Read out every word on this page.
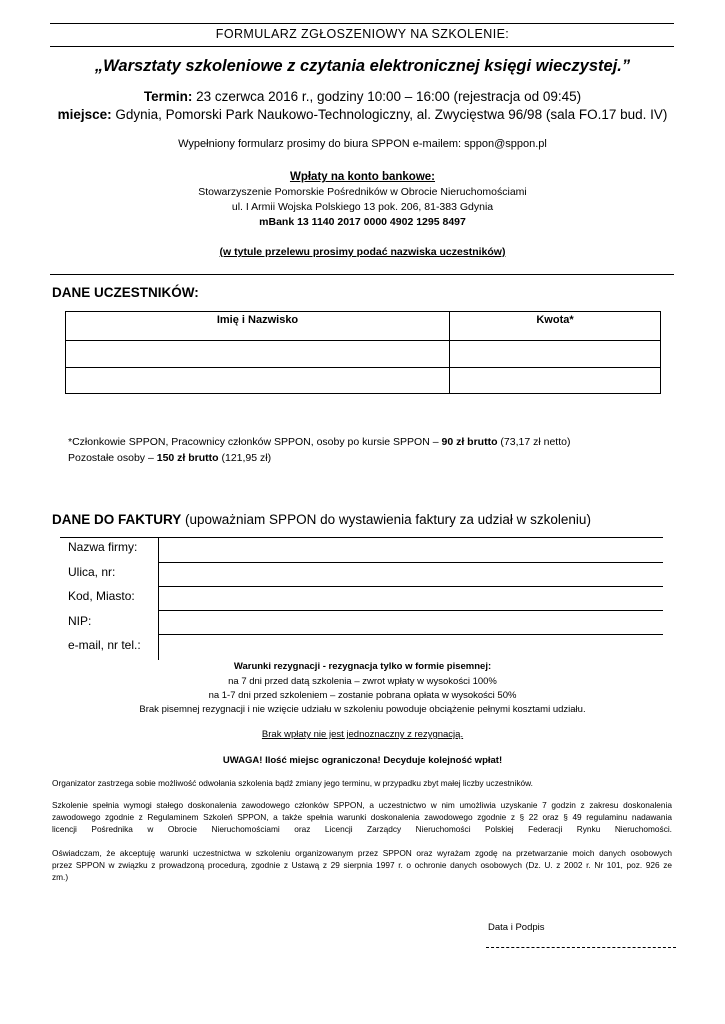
FORMULARZ ZGŁOSZENIOWY NA SZKOLENIE:
„Warsztaty szkoleniowe z czytania elektronicznej księgi wieczystej.”
Termin: 23 czerwca 2016 r., godziny 10:00 – 16:00 (rejestracja od 09:45)
miejsce: Gdynia, Pomorski Park Naukowo-Technologiczny, al. Zwycięstwa 96/98 (sala FO.17 bud. IV)
Wypełniony formularz prosimy do biura SPPON e-mailem: sppon@sppon.pl
Wpłaty na konto bankowe:
Stowarzyszenie Pomorskie Pośredników w Obrocie Nieruchomościami
ul. I Armii Wojska Polskiego 13 pok. 206, 81-383 Gdynia
mBank 13 1140 2017 0000 4902 1295 8497
(w tytule przelewu prosimy podać nazwiska uczestników)
DANE UCZESTNIKÓW:
Imię i Nazwisko	Kwota*

*Członkowie SPPON, Pracownicy członków SPPON, osoby po kursie SPPON – 90 zł brutto (73,17 zł netto)
Pozostałe osoby – 150 zł brutto (121,95 zł)
DANE DO FAKTURY (upoważniam SPPON do wystawienia faktury za udział w szkoleniu)
Nazwa firmy:
Ulica, nr:
Kod, Miasto:
NIP:
e-mail, nr tel.:
Warunki rezygnacji - rezygnacja tylko w formie pisemnej:
na 7 dni przed datą szkolenia – zwrot wpłaty w wysokości 100%
na 1-7 dni przed szkoleniem – zostanie pobrana opłata w wysokości 50%
Brak pisemnej rezygnacji i nie wzięcie udziału w szkoleniu powoduje obciążenie pełnymi kosztami udziału.
Brak wpłaty nie jest jednoznaczny z rezygnacją.
UWAGA! Ilość miejsc ograniczona! Decyduje kolejność wpłat!
Organizator zastrzega sobie możliwość odwołania szkolenia bądź zmiany jego terminu, w przypadku zbyt małej liczby uczestników.
Szkolenie spełnia wymogi stałego doskonalenia zawodowego członków SPPON, a uczestnictwo w nim umożliwia uzyskanie 7 godzin z zakresu doskonalenia
zawodowego zgodnie z Regulaminem Szkoleń SPPON, a także spełnia warunki doskonalenia zawodowego zgodnie z § 22 oraz § 49 regulaminu nadawania
licencji Pośrednika w Obrocie Nieruchomościami oraz Licencji Zarządcy Nieruchomości Polskiej Federacji Rynku Nieruchomości.
Oświadczam, że akceptuję warunki uczestnictwa w szkoleniu organizowanym przez SPPON oraz wyrażam zgodę na przetwarzanie moich danych osobowych
przez SPPON w związku z prowadzoną procedurą, zgodnie z Ustawą z 29 sierpnia 1997 r. o ochronie danych osobowych (Dz. U. z 2002 r. Nr 101, poz. 926 ze
zm.)
Data i Podpis
